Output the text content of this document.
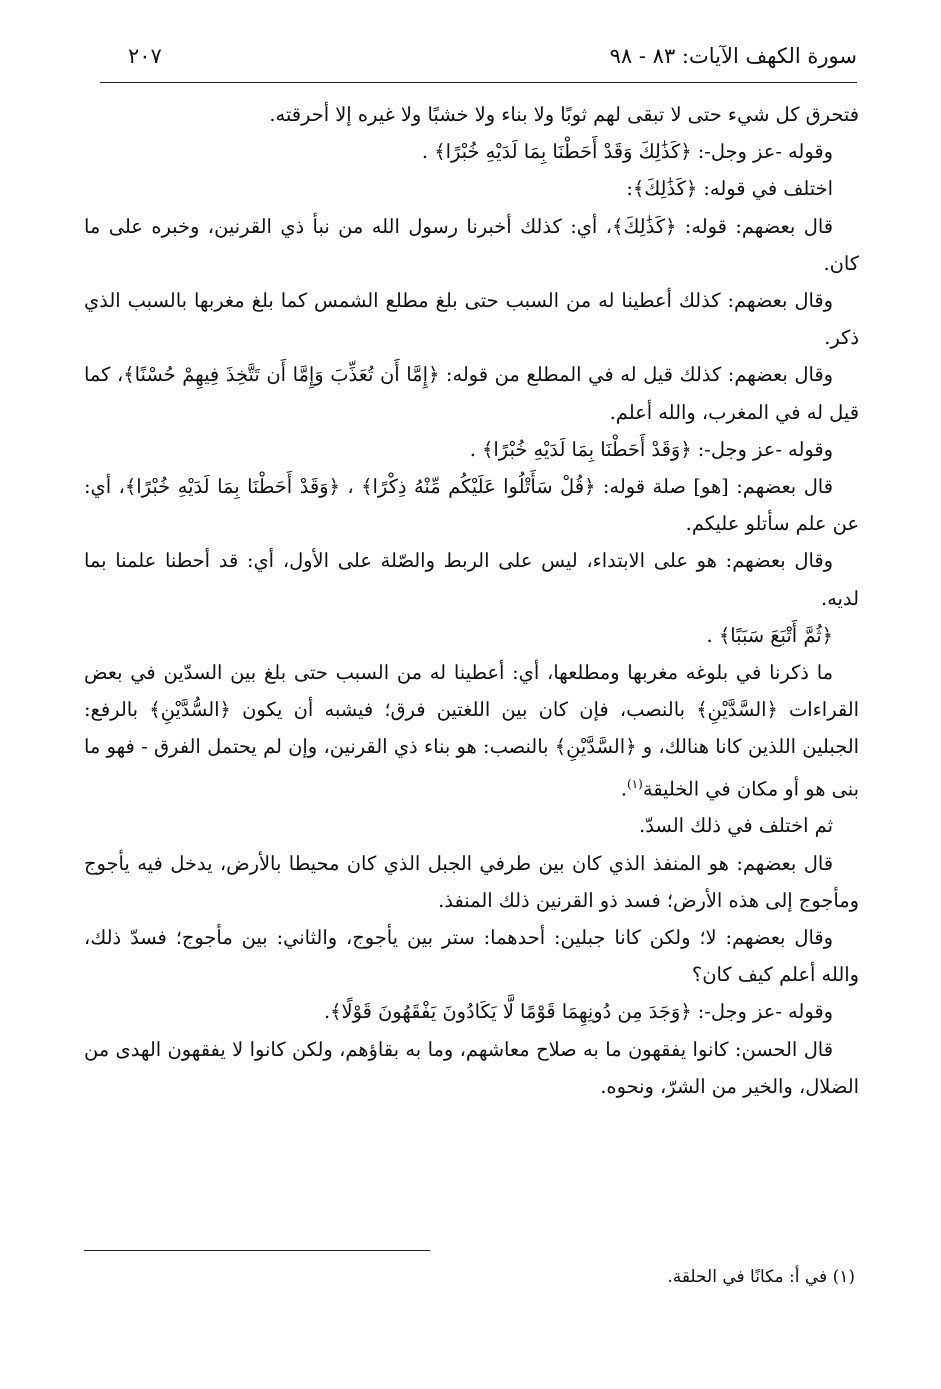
سورة الكهف الآيات: ٨٣ - ٩٨
٢٠٧

فتحرق كل شيء حتى لا تبقى لهم ثوبًا ولا بناء ولا خشبًا ولا غيره إلا أحرقته.

وقوله -عز وجل-: ﴿كَذَٰلِكَ وَقَدْ أَحَطْنَا بِمَا لَدَيْهِ خُبْرًا﴾ .

اختلف في قوله: ﴿كَذَٰلِكَ﴾:

قال بعضهم: قوله: ﴿كَذَٰلِكَ﴾، أي: كذلك أخبرنا رسول الله من نبأ ذي القرنين، وخبره على ما كان.

وقال بعضهم: كذلك أعطينا له من السبب حتى بلغ مطلع الشمس كما بلغ مغربها بالسبب الذي ذكر.

وقال بعضهم: كذلك قيل له في المطلع من قوله: ﴿إِمَّا أَن تُعَذِّبَ وَإِمَّا أَن تَتَّخِذَ فِيهِمْ حُسْنًا﴾، كما قيل له في المغرب، والله أعلم.

وقوله -عز وجل-: ﴿وَقَدْ أَحَطْنَا بِمَا لَدَيْهِ خُبْرًا﴾ .

قال بعضهم: [هو] صلة قوله: ﴿قُلْ سَأَتْلُوا عَلَيْكُم مِّنْهُ ذِكْرًا﴾ ، ﴿وَقَدْ أَحَطْنَا بِمَا لَدَيْهِ خُبْرًا﴾، أي: عن علم سأتلو عليكم.

وقال بعضهم: هو على الابتداء، ليس على الربط والصّلة على الأول، أي: قد أحطنا علمنا بما لديه.

﴿ثُمَّ أَتْبَعَ سَبَبًا﴾ .

ما ذكرنا في بلوغه مغربها ومطلعها، أي: أعطينا له من السبب حتى بلغ بين السدّين في بعض القراءات ﴿السَّدَّيْنِ﴾ بالنصب، فإن كان بين اللغتين فرق؛ فيشبه أن يكون ﴿السُّدَّيْنِ﴾ بالرفع: الجبلين اللذين كانا هنالك، و ﴿السَّدَّيْنِ﴾ بالنصب: هو بناء ذي القرنين، وإن لم يحتمل الفرق - فهو ما بنى هو أو مكان في الخليقة$^{(١)}$.

ثم اختلف في ذلك السدّ.

قال بعضهم: هو المنفذ الذي كان بين طرفي الجبل الذي كان محيطا بالأرض، يدخل فيه يأجوج ومأجوج إلى هذه الأرض؛ فسد ذو القرنين ذلك المنفذ.

وقال بعضهم: لا؛ ولكن كانا جبلين: أحدهما: ستر بين يأجوج، والثاني: بين مأجوج؛ فسدّ ذلك، والله أعلم كيف كان؟

وقوله -عز وجل-: ﴿وَجَدَ مِن دُونِهِمَا قَوْمًا لَّا يَكَادُونَ يَفْقَهُونَ قَوْلًا﴾.

قال الحسن: كانوا يفقهون ما به صلاح معاشهم، وما به بقاؤهم، ولكن كانوا لا يفقهون الهدى من الضلال، والخير من الشرّ، ونحوه.

(١) في أ: مكانًا في الحلقة.
